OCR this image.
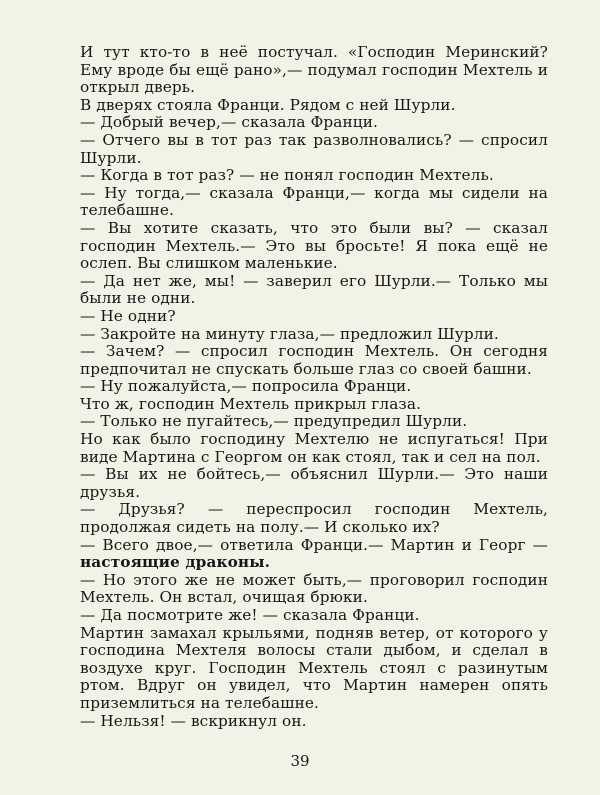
И тут кто-то в неё постучал. «Господин Меринский? Ему вроде бы ещё рано»,— подумал господин Мехтель и открыл дверь.

В дверях стояла Франци. Рядом с ней Шурли.

— Добрый вечер,— сказала Франци.

— Отчего вы в тот раз так разволновались? — спросил Шурли.

— Когда в тот раз? — не понял господин Мехтель.

— Ну тогда,— сказала Франци,— когда мы сидели на телебашне.

— Вы хотите сказать, что это были вы? — сказал господин Мехтель.— Это вы бросьте! Я пока ещё не ослеп. Вы слишком маленькие.

— Да нет же, мы! — заверил его Шурли.— Только мы были не одни.

— Не одни?

— Закройте на минуту глаза,— предложил Шурли.

— Зачем? — спросил господин Мехтель. Он сегодня предпочитал не спускать больше глаз со своей башни.

— Ну пожалуйста,— попросила Франци.

Что ж, господин Мехтель прикрыл глаза.

— Только не пугайтесь,— предупредил Шурли.

Но как было господину Мехтелю не испугаться! При виде Мартина с Георгом он как стоял, так и сел на пол.

— Вы их не бойтесь,— объяснил Шурли.— Это наши друзья.

— Друзья? — переспросил господин Мехтель, продолжая сидеть на полу.— И сколько их?

— Всего двое,— ответила Франци.— Мартин и Георг — настоящие драконы.

— Но этого же не может быть,— проговорил господин Мехтель. Он встал, очищая брюки.

— Да посмотрите же! — сказала Франци.

Мартин замахал крыльями, подняв ветер, от которого у господина Мехтеля волосы стали дыбом, и сделал в воздухе круг. Господин Мехтель стоял с разинутым ртом. Вдруг он увидел, что Мартин намерен опять приземлиться на телебашне.

— Нельзя! — вскрикнул он.

39
